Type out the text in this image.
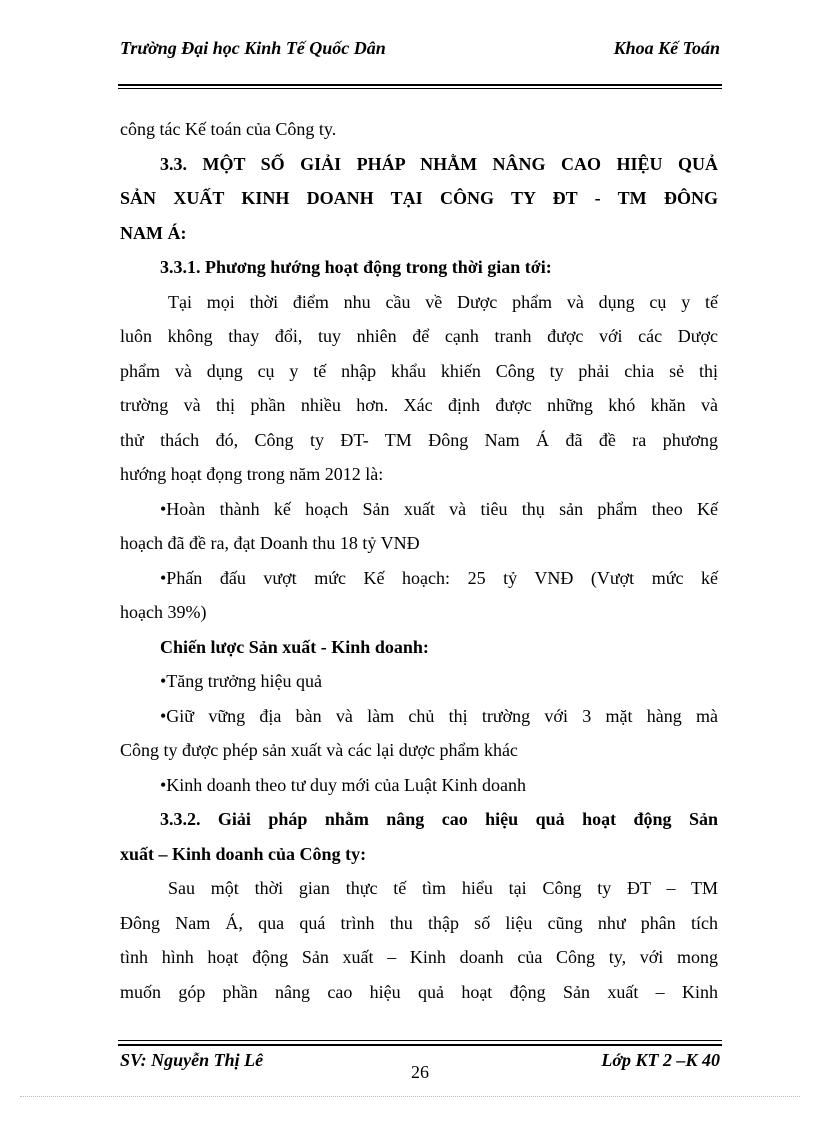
Trường Đại học Kinh Tế Quốc Dân	Khoa Kế Toán
công tác Kế toán của Công ty.
3.3. MỘT SỐ GIẢI PHÁP NHẰM NÂNG CAO HIỆU QUẢ
SẢN XUẤT KINH DOANH TẠI CÔNG TY ĐT - TM ĐÔNG
NAM Á:
3.3.1. Phương hướng hoạt động trong thời gian tới:
Tại mọi thời điểm nhu cầu về Dược phẩm và dụng cụ y tế
luôn không thay đổi, tuy nhiên để cạnh tranh được với các Dược
phẩm và dụng cụ y tế nhập khẩu khiến Công ty phải chia sẻ thị
trường và thị phần nhiều hơn. Xác định được những khó khăn và
thử thách đó, Công ty ĐT- TM Đông Nam Á đã đề ra phương
hướng hoạt đọng trong năm 2012 là:
•Hoàn thành kế hoạch Sản xuất và tiêu thụ sản phẩm theo Kế
hoạch đã đề ra, đạt Doanh thu 18 tỷ VNĐ
•Phấn đấu vượt mức Kế hoạch: 25 tỷ VNĐ (Vượt mức kế
hoạch 39%)
Chiến lược Sản xuất - Kinh doanh:
•Tăng trưởng hiệu quả
•Giữ vững địa bàn và làm chủ thị trường với 3 mặt hàng mà
Công ty được phép sản xuất và các lại dược phẩm khác
•Kinh doanh theo tư duy mới của Luật Kinh doanh
3.3.2. Giải pháp nhằm nâng cao hiệu quả hoạt động Sản
xuất – Kinh doanh của Công ty:
Sau một thời gian thực tế tìm hiểu tại Công ty ĐT – TM
Đông Nam Á, qua quá trình thu thập số liệu cũng như phân tích
tình hình hoạt động Sản xuất – Kinh doanh của Công ty, với mong
muốn góp phần nâng cao hiệu quả hoạt động Sản xuất – Kinh
SV: Nguyễn Thị Lê
26
Lớp KT 2 –K 40
